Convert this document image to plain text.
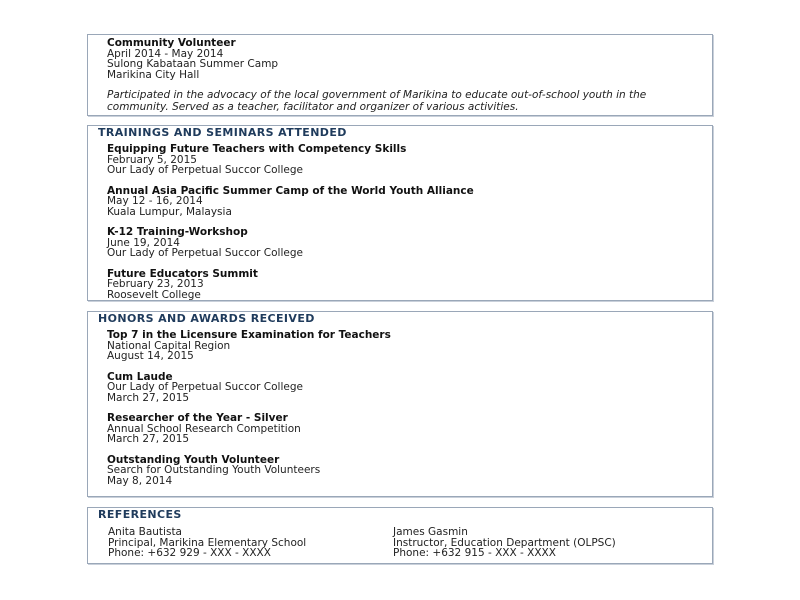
Community Volunteer
April 2014 - May 2014
Sulong Kabataan Summer Camp
Marikina City Hall
Participated in the advocacy of the local government of Marikina to educate out-of-school youth in the community. Served as a teacher, facilitator and organizer of various activities.
TRAININGS AND SEMINARS ATTENDED
Equipping Future Teachers with Competency Skills
February 5, 2015
Our Lady of Perpetual Succor College
Annual Asia Pacific Summer Camp of the World Youth Alliance
May 12 - 16, 2014
Kuala Lumpur, Malaysia
K-12 Training-Workshop
June 19, 2014
Our Lady of Perpetual Succor College
Future Educators Summit
February 23, 2013
Roosevelt College
HONORS AND AWARDS RECEIVED
Top 7 in the Licensure Examination for Teachers
National Capital Region
August 14, 2015
Cum Laude
Our Lady of Perpetual Succor College
March 27, 2015
Researcher of the Year - Silver
Annual School Research Competition
March 27, 2015
Outstanding Youth Volunteer
Search for Outstanding Youth Volunteers
May 8, 2014
REFERENCES
Anita Bautista
Principal, Marikina Elementary School
Phone: +632 929 - XXX - XXXX
James Gasmin
Instructor, Education Department (OLPSC)
Phone: +632 915 - XXX - XXXX
